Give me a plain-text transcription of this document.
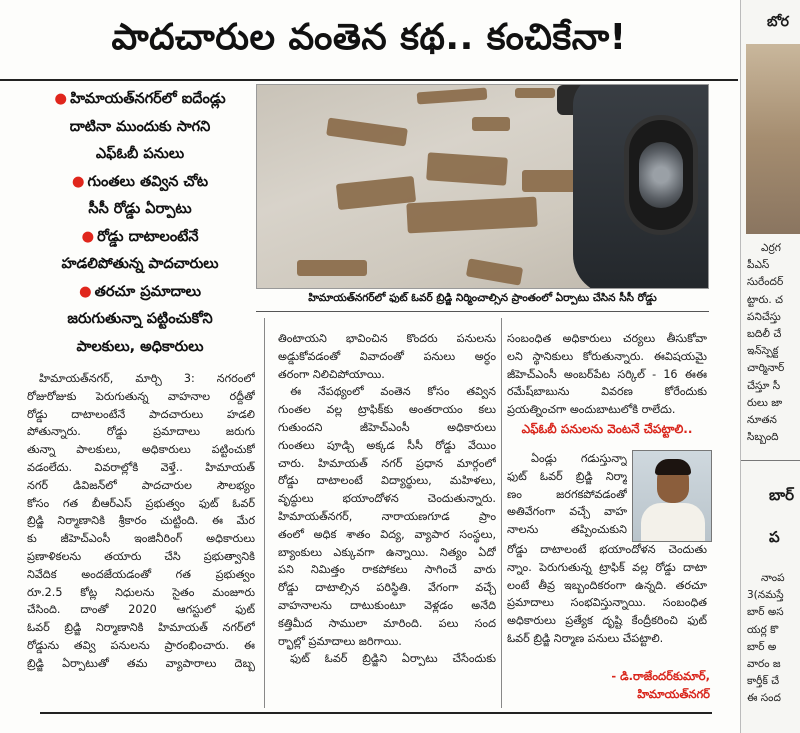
పాదచారుల వంతెన కథ.. కంచికేనా!
● హిమాయత్‌నగర్‌లో ఐదేండ్లు
దాటినా ముందుకు సాగని
ఎఫ్‌ఓబీ పనులు
● గుంతలు తవ్విన చోట
సీసీ రోడ్డు ఏర్పాటు
● రోడ్డు దాటాలంటేనే
హడలిపోతున్న పాదచారులు
● తరచూ ప్రమాదాలు
జరుగుతున్నా పట్టించుకోని
పాలకులు, అధికారులు
హిమాయత్‌నగర్‌లో ఫుట్ ఓవర్ బ్రిడ్జి నిర్మించాల్సిన ప్రాంతంలో ఏర్పాటు చేసిన సీసీ రోడ్డు

హిమాయత్‌నగర్, మార్చి 3: నగరంలో

రోజురోజుకు పెరుగుతున్న వాహనాల రద్దీతో

రోడ్డు దాటాలంటేనే పాదచారులు హడలి

పోతున్నారు. రోడ్డు ప్రమాదాలు జరుగు

తున్నా పాలకులు, అధికారులు పట్టించుకో

వడంలేదు. వివరాల్లోకి వెళ్తే.. హిమాయత్

నగర్ డివిజన్‌లో పాదచారుల సౌలభ్యం

కోసం గత బీఆర్ఎస్ ప్రభుత్వం ఫుట్ ఓవర్

బ్రిడ్జి నిర్మాణానికి శ్రీకారం చుట్టింది. ఈ మేర

కు జీహెచ్ఎంసీ ఇంజినీరింగ్ అధికారులు

ప్రణాళికలను తయారు చేసి ప్రభుత్వానికి

నివేదిక అందజేయడంతో గత ప్రభుత్వం

రూ.2.5 కోట్ల నిధులను సైతం మంజూరు

చేసింది. దాంతో 2020 ఆగస్టులో ఫుట్

ఓవర్ బ్రిడ్జి నిర్మాణానికి హిమాయత్ నగర్‌లో

రోడ్డును తవ్వి పనులను ప్రారంభించారు. ఈ

బ్రిడ్జి ఏర్పాటుతో తమ వ్యాపారాలు దెబ్బ

తింటాయని భావించిన కొందరు పనులను

అడ్డుకోవడంతో వివాదంతో పనులు అర్ధం

తరంగా నిలిచిపోయాయి.

ఈ నేపథ్యంలో వంతెన కోసం తవ్విన

గుంతల వల్ల ట్రాఫిక్‌కు అంతరాయం కలు

గుతుందని జీహెచ్ఎంసీ అధికారులు

గుంతలు పూడ్చి అక్కడ సీసీ రోడ్డు వేయిం

చారు. హిమాయత్ నగర్ ప్రధాన మార్గంలో

రోడ్డు దాటాలంటే విద్యార్థులు, మహిళలు,

వృద్ధులు భయాందోళన చెందుతున్నారు.

హిమాయత్‌నగర్, నారాయణగూడ ప్రాం

తంలో అధిక శాతం విద్య, వ్యాపార సంస్థలు,

బ్యాంకులు ఎక్కువగా ఉన్నాయి. నిత్యం ఏదో

పని నిమిత్తం రాకపోకలు సాగించే వారు

రోడ్డు దాటాల్సిన పరిస్థితి. వేగంగా వచ్చే

వాహనాలను దాటుకుంటూ వెళ్లడం అనేది

కత్తిమీద సాములా మారింది. పలు సంద

ర్భాల్లో ప్రమాదాలు జరిగాయి.

ఫుట్ ఓవర్ బ్రిడ్జిని ఏర్పాటు చేసేందుకు

సంబంధిత అధికారులు చర్యలు తీసుకోవా

లని స్థానికులు కోరుతున్నారు. ఈవిషయమై

జీహెచ్ఎంసీ అంబర్‌పేట సర్కిల్ - 16 ఈఈ

రమేష్‌బాబును వివరణ కోరేందుకు

ప్రయత్నించగా అందుబాటులోకి రాలేదు.

ఎఫ్‌ఓబీ పనులను వెంటనే చేపట్టాలి..

ఏండ్లు గడుస్తున్నా

ఫుట్ ఓవర్ బ్రిడ్జి నిర్మా

ణం జరగకపోవడంతో

అతివేగంగా వచ్చే వాహ

నాలను తప్పించుకుని

రోడ్డు దాటాలంటే భయాందోళన చెందుతు

న్నాం. పెరుగుతున్న ట్రాఫిక్ వల్ల రోడ్డు దాటా

లంటే తీవ్ర ఇబ్బందికరంగా ఉన్నది. తరచూ

ప్రమాదాలు సంభవిస్తున్నాయి. సంబంధిత

అధికారులు ప్రత్యేక దృష్టి కేంద్రీకరించి ఫుట్

ఓవర్ బ్రిడ్జి నిర్మాణ పనులు చేపట్టాలి.

- డి.రాజేందర్‌కుమార్,
హిమాయత్‌నగర్
బోర
ఎర్రగ
పీఎస్
సురేందర్
ట్టారు. చ
పనిచేస్తు
బదిలీ చే
ఇన్‌స్పెక్ట
చార్మినార్
చేస్తూ సీ
రులు జా
నూతన
సిబ్బంది
బార్
ప
నాంప
3(నమస్తే
బార్ అస
యర్ల కొ
బార్ అ
వారం జ
కార్తీక్ చే
ఈ సంద
